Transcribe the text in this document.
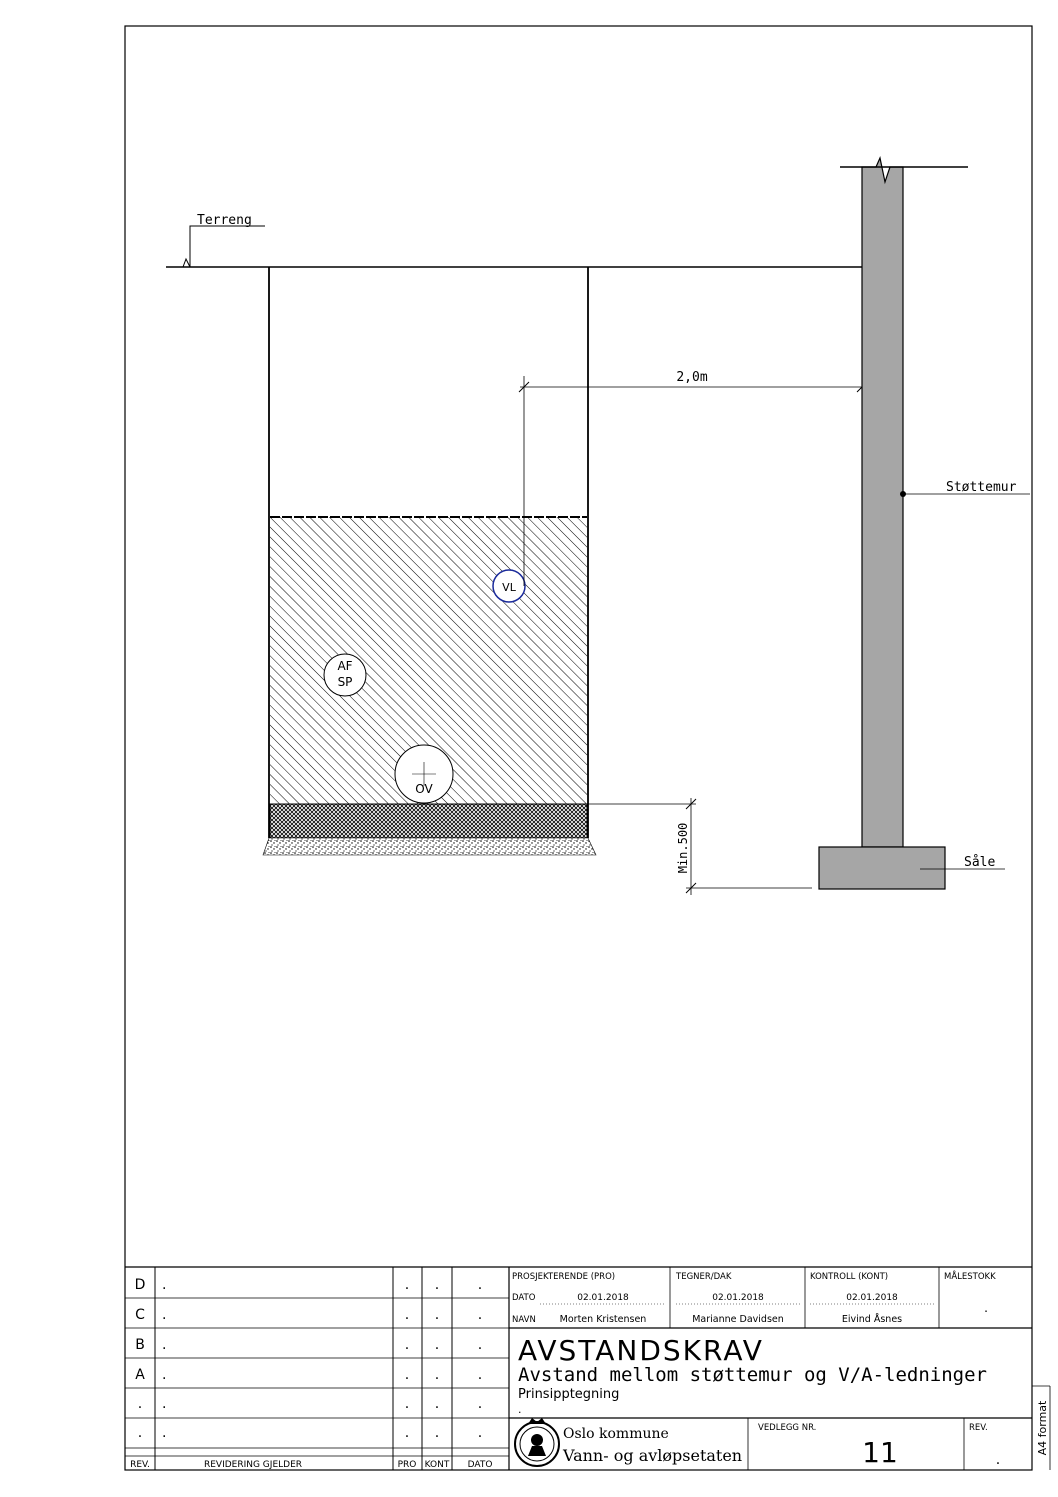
Terreng
OV
AF
SP
VL
2,0m
Støttemur
Såle
Min.500
D .	. .	.
C .	. .	.
B .	. .	.
A .	. .	.
. .	. .	.
. .	. .	.
REV.	REVIDERING GJELDER	PRO KONT DATO
PROSJEKTERENDE (PRO)	TEGNER/DAK	KONTROLL (KONT)	MÅLESTOKK
.
DATO	02.01.2018	02.01.2018	02.01.2018
NAVN	Morten Kristensen	Marianne Davidsen	Eivind Åsnes
AVSTANDSKRAV
Avstand mellom støttemur og V/A-ledninger
Prinsipptegning
.
Oslo kommune
Vann- og avløpsetaten
VEDLEGG NR.
11
REV.
.
A4 format
